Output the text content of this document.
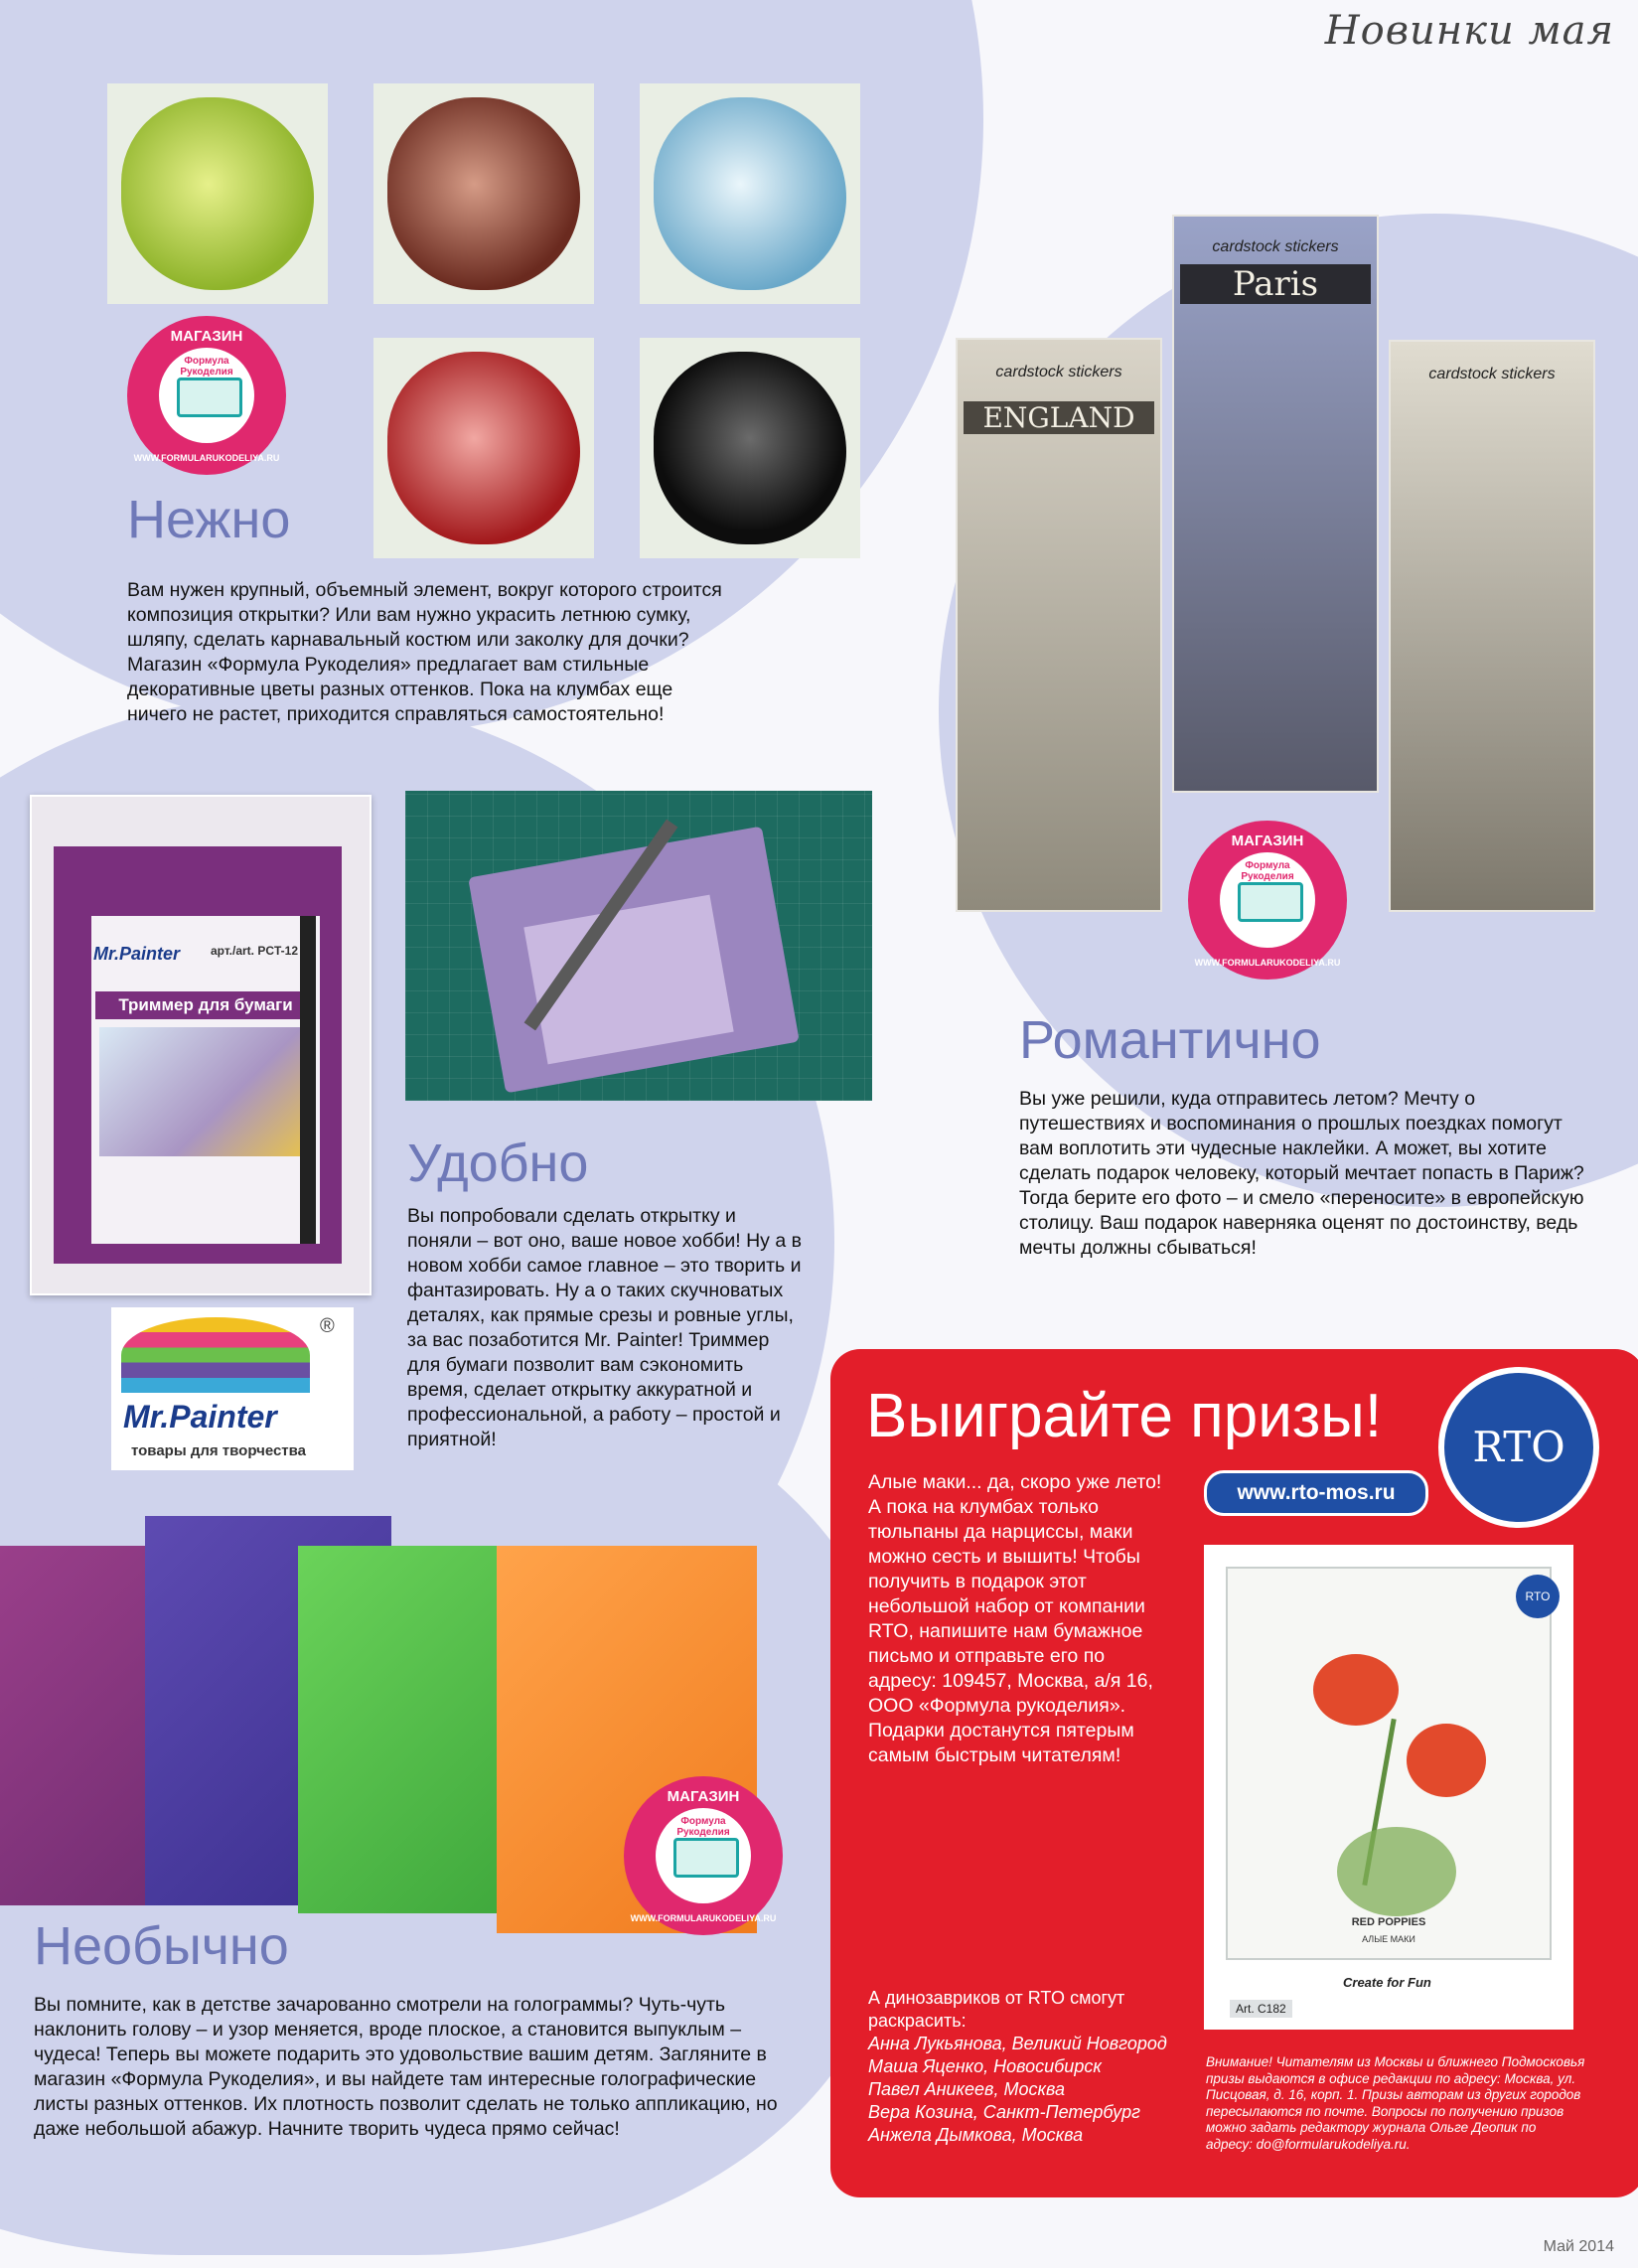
Новинки мая
МАГАЗИН
Формула Рукоделия
WWW.FORMULARUKODELIYA.RU
Нежно
Вам нужен крупный, объемный элемент, вокруг которого строится композиция открытки? Или вам нужно украсить летнюю сумку, шляпу, сделать карнавальный костюм или заколку для дочки? Магазин «Формула Рукоделия» предлагает вам стильные декоративные цветы разных оттенков. Пока на клумбах еще ничего не растет, приходится справляться самостоятельно!
Mr.Painter	арт./art. PCT-12
Триммер для бумаги
Удобно
Вы попробовали сделать открытку и поняли – вот оно, ваше новое хобби! Ну а в новом хобби самое главное – это творить и фантазировать. Ну а о таких скучноватых деталях, как прямые срезы и ровные углы, за вас позаботится Mr. Painter! Триммер для бумаги позволит вам сэкономить время, сделает открытку аккуратной и профессиональной, а работу – простой и приятной!
®
Mr.Painter
товары для творчества
cardstock stickers
ENGLAND
cardstock stickers
Paris
cardstock stickers
МАГАЗИН
Формула Рукоделия
WWW.FORMULARUKODELIYA.RU
Романтично
Вы уже решили, куда отправитесь летом? Мечту о путешествиях и воспоминания о прошлых поездках помогут вам воплотить эти чудесные наклейки. А может, вы хотите сделать подарок человеку, который мечтает попасть в Париж? Тогда берите его фото – и смело «переносите» в европейскую столицу. Ваш подарок наверняка оценят по достоинству, ведь мечты должны сбываться!
МАГАЗИН
Формула Рукоделия
WWW.FORMULARUKODELIYA.RU
Необычно
Вы помните, как в детстве зачарованно смотрели на голограммы? Чуть-чуть наклонить голову – и узор меняется, вроде плоское, а становится выпуклым – чудеса! Теперь вы можете подарить это удовольствие вашим детям. Загляните в магазин «Формула Рукоделия», и вы найдете там интересные голографические листы разных оттенков. Их плотность позволит сделать не только аппликацию, но даже небольшой абажур. Начните творить чудеса прямо сейчас!
Выиграйте призы!	RTO
www.rto-mos.ru
Алые маки... да, скоро уже лето! А пока на клумбах только тюльпаны да нарциссы, маки можно сесть и вышить! Чтобы получить в подарок этот небольшой набор от компании RTO, напишите нам бумажное письмо и отправьте его по адресу: 109457, Москва, а/я 16, ООО «Формула рукоделия». Подарки достанутся пятерым самым быстрым читателям!
RED POPPIES
АЛЫЕ МАКИ
Create for Fun
Art. C182
RTO
А динозавриков от RTO смогут раскрасить:
Анна Лукьянова, Великий Новгород
Маша Яценко, Новосибирск
Павел Аникеев, Москва
Вера Козина, Санкт-Петербург
Анжела Дымкова, Москва
Внимание! Читателям из Москвы и ближнего Подмосковья призы выдаются в офисе редакции по адресу: Москва, ул. Писцовая, д. 16, корп. 1. Призы авторам из других городов пересылаются по почте. Вопросы по получению призов можно задать редактору журнала Ольге Деопик по адресу: do@formularukodeliya.ru.
Май 2014
